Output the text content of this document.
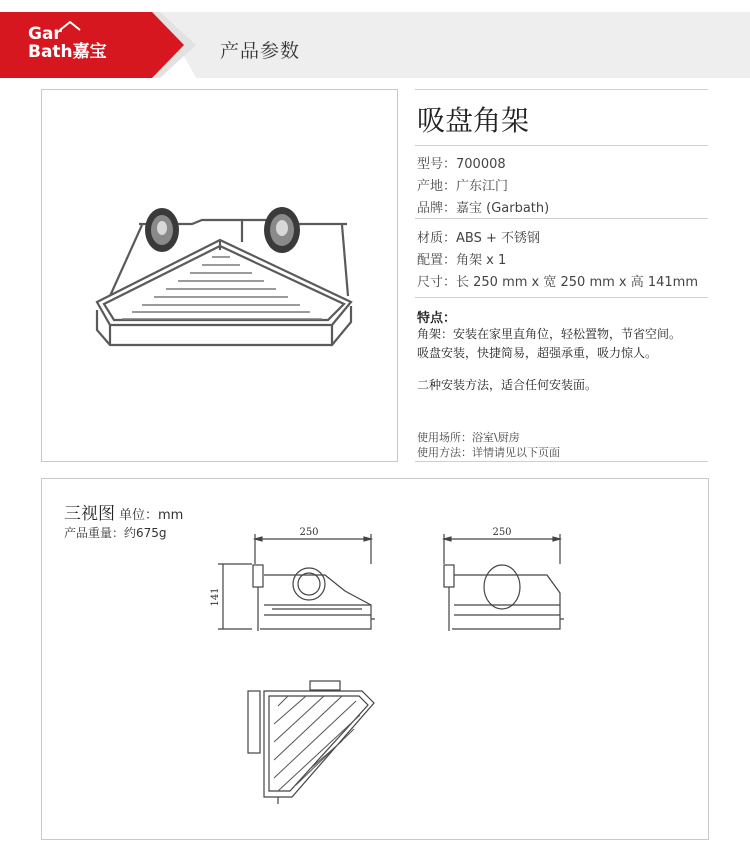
Gar
Bath嘉宝	产品参数
吸盘角架
型号：700008
产地：广东江门
品牌：嘉宝 (Garbath)
材质：ABS + 不锈钢
配置：角架 x 1
尺寸：长 250 mm x 宽 250 mm x 高 141mm
特点：
角架：安装在家里直角位，轻松置物，节省空间。
吸盘安装，快捷简易，超强承重，吸力惊人。
二种安装方法，适合任何安装面。
使用场所：浴室\厨房
使用方法：详情请见以下页面
三视图 单位：mm
产品重量：约675g	250
141
250
